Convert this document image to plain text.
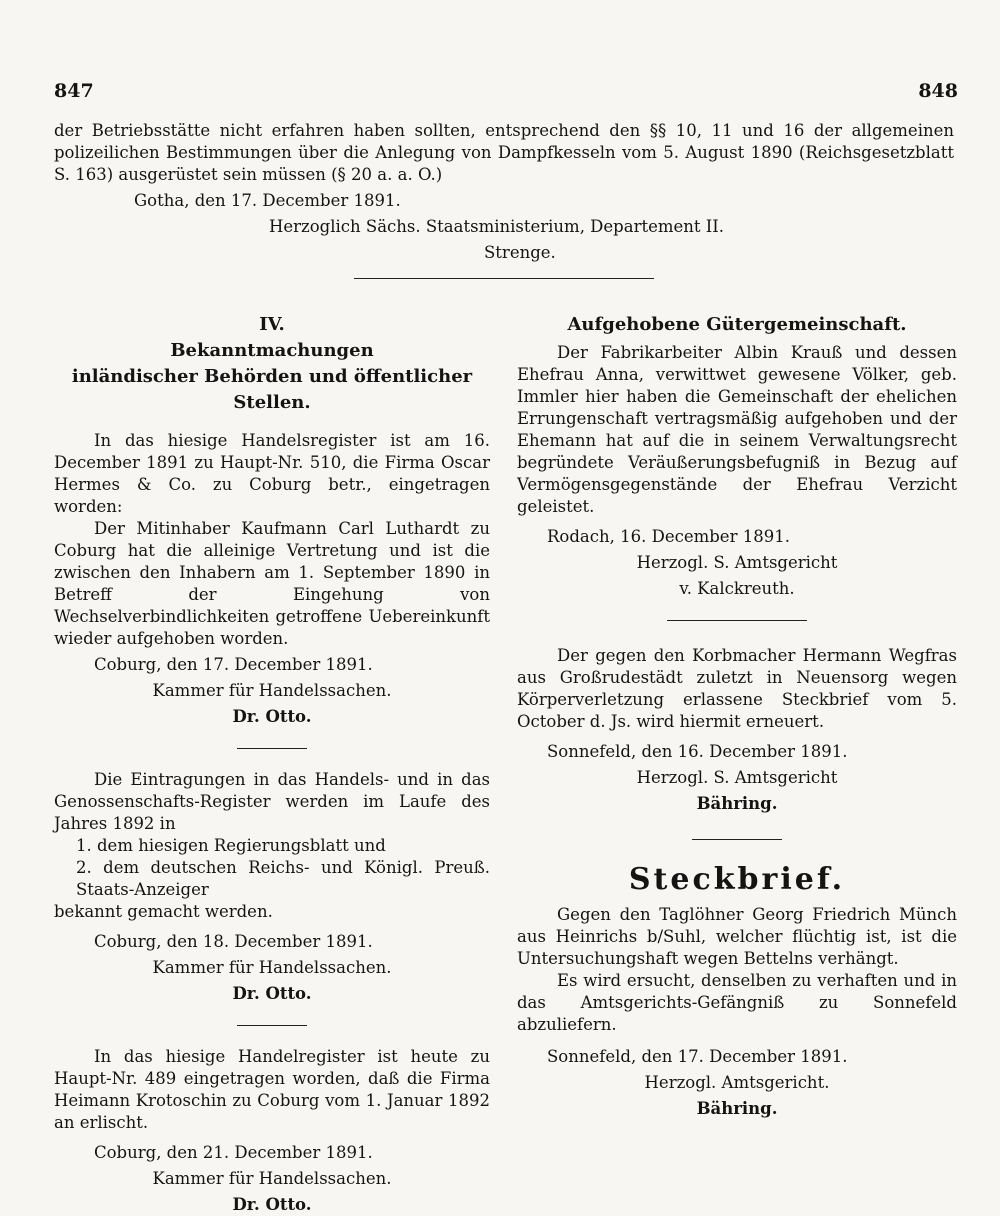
847	848

der Betriebsstätte nicht erfahren haben sollten, entsprechend den §§ 10, 11 und 16 der allgemeinen polizeilichen Bestimmungen über die Anlegung von Dampfkesseln vom 5. August 1890 (Reichsgesetzblatt S. 163) ausgerüstet sein müssen (§ 20 a. a. O.)

Gotha, den 17. December 1891.

Herzoglich Sächs. Staatsministerium, Departement II.

Strenge.

IV.
Bekanntmachungen
inländischer Behörden und öffentlicher Stellen.

In das hiesige Handelsregister ist am 16. December 1891 zu Haupt-Nr. 510, die Firma Oscar Hermes & Co. zu Coburg betr., eingetragen worden:

Der Mitinhaber Kaufmann Carl Luthardt zu Coburg hat die alleinige Vertretung und ist die zwischen den Inhabern am 1. September 1890 in Betreff der Eingehung von Wechselverbindlichkeiten getroffene Uebereinkunft wieder aufgehoben worden.

Coburg, den 17. December 1891.

Kammer für Handelssachen.

Dr. Otto.

Die Eintragungen in das Handels- und in das Genossenschafts-Register werden im Laufe des Jahres 1892 in

1. dem hiesigen Regierungsblatt und

2. dem deutschen Reichs- und Königl. Preuß. Staats-Anzeiger

bekannt gemacht werden.

Coburg, den 18. December 1891.

Kammer für Handelssachen.

Dr. Otto.

In das hiesige Handelregister ist heute zu Haupt-Nr. 489 eingetragen worden, daß die Firma Heimann Krotoschin zu Coburg vom 1. Januar 1892 an erlischt.

Coburg, den 21. December 1891.

Kammer für Handelssachen.

Dr. Otto.

Aufgehobene Gütergemeinschaft.

Der Fabrikarbeiter Albin Krauß und dessen Ehefrau Anna, verwittwet gewesene Völker, geb. Immler hier haben die Gemeinschaft der ehelichen Errungenschaft vertragsmäßig aufgehoben und der Ehemann hat auf die in seinem Verwaltungsrecht begründete Veräußerungsbefugniß in Bezug auf Vermögensgegenstände der Ehefrau Verzicht geleistet.

Rodach, 16. December 1891.

Herzogl. S. Amtsgericht

v. Kalckreuth.

Der gegen den Korbmacher Hermann Wegfras aus Großrudestädt zuletzt in Neuensorg wegen Körperverletzung erlassene Steckbrief vom 5. October d. Js. wird hiermit erneuert.

Sonnefeld, den 16. December 1891.

Herzogl. S. Amtsgericht

Bähring.

Steckbrief.

Gegen den Taglöhner Georg Friedrich Münch aus Heinrichs b/Suhl, welcher flüchtig ist, ist die Untersuchungshaft wegen Bettelns verhängt.

Es wird ersucht, denselben zu verhaften und in das Amtsgerichts-Gefängniß zu Sonnefeld abzuliefern.

Sonnefeld, den 17. December 1891.

Herzogl. Amtsgericht.

Bähring.
